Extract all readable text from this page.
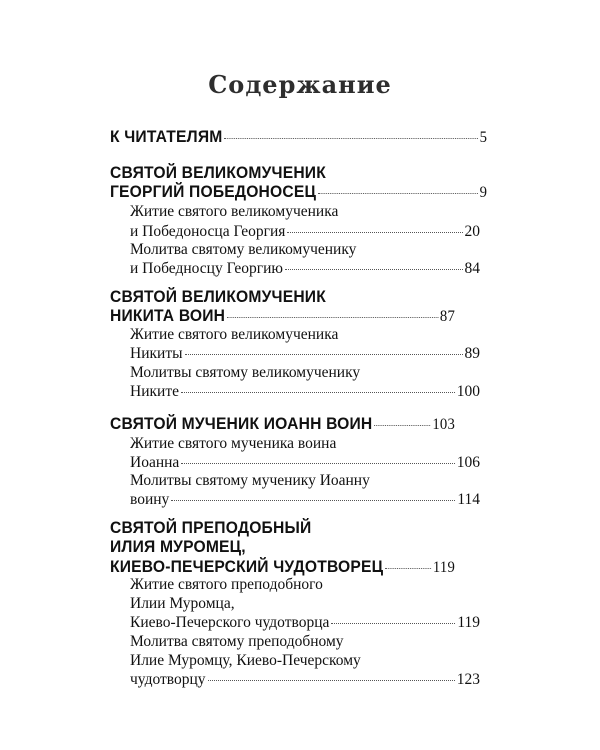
Содержание
К ЧИТАТЕЛЯМ	5
СВЯТОЙ ВЕЛИКОМУЧЕНИК
ГЕОРГИЙ ПОБЕДОНОСЕЦ	9
Житие святого великомученика
и Победоносца Георгия	20
Молитва святому великомученику
и Победносцу Георгию	84
СВЯТОЙ ВЕЛИКОМУЧЕНИК
НИКИТА ВОИН	87
Житие святого великомученика
Никиты	89
Молитвы святому великомученику
Никите	100
СВЯТОЙ МУЧЕНИК ИОАНН ВОИН	103
Житие святого мученика воина
Иоанна	106
Молитвы святому мученику Иоанну
воину	114
СВЯТОЙ ПРЕПОДОБНЫЙ
ИЛИЯ МУРОМЕЦ,
КИЕВО-ПЕЧЕРСКИЙ ЧУДОТВОРЕЦ	119
Житие святого преподобного
Илии Муромца,
Киево-Печерского чудотворца	119
Молитва святому преподобному
Илие Муромцу, Киево-Печерскому
чудотворцу	123
